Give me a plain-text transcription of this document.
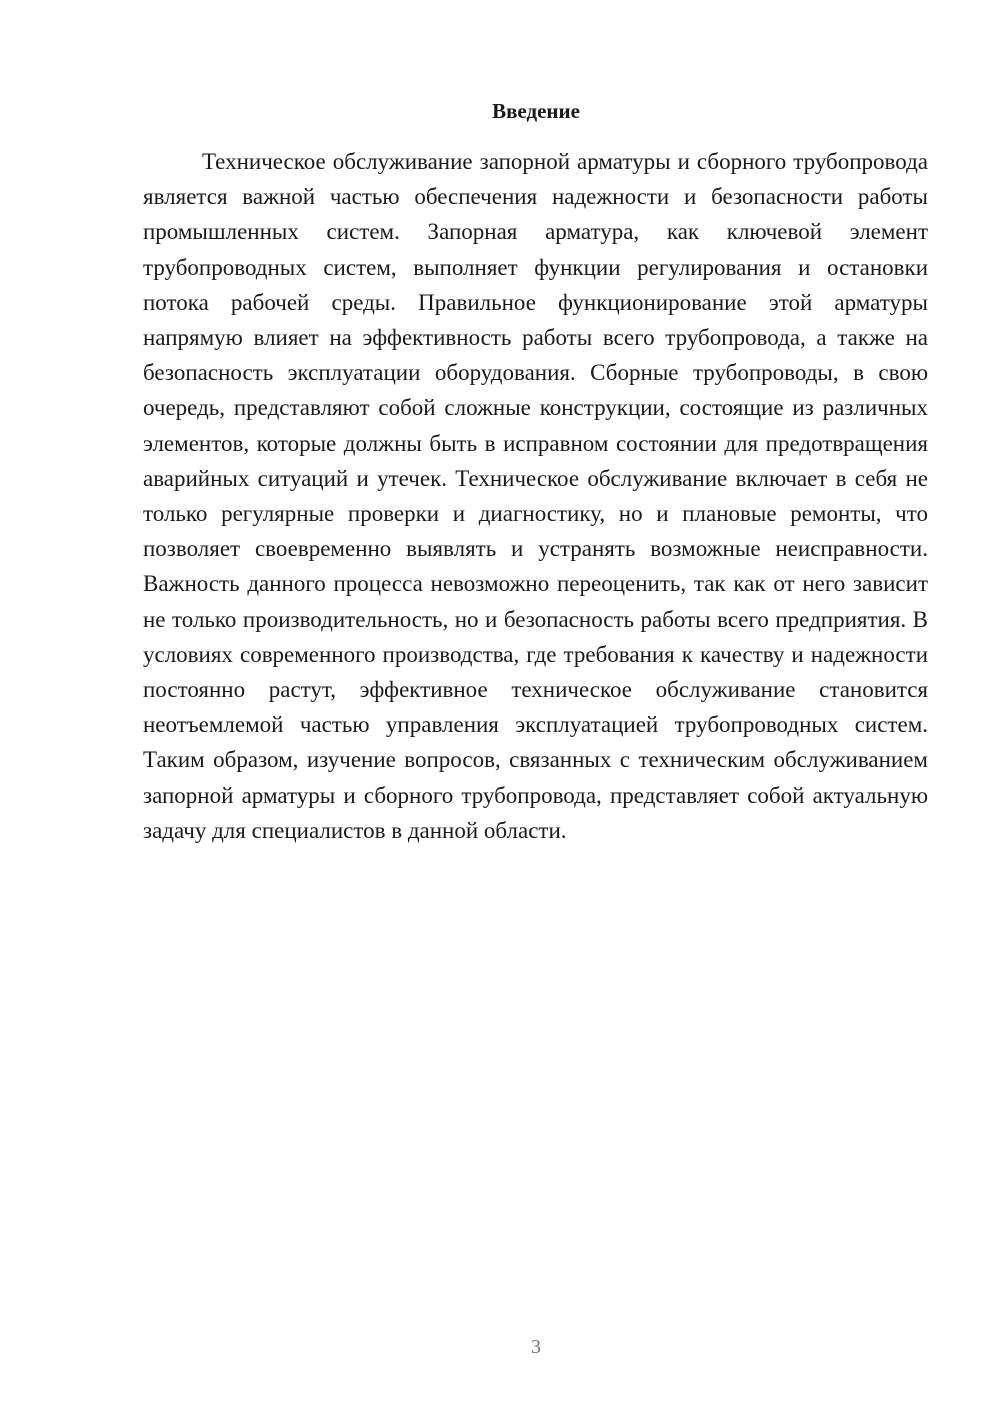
Введение

Техническое обслуживание запорной арматуры и сборного трубопровода является важной частью обеспечения надежности и безопасности работы промышленных систем. Запорная арматура, как ключевой элемент трубопроводных систем, выполняет функции регулирования и остановки потока рабочей среды. Правильное функционирование этой арматуры напрямую влияет на эффективность работы всего трубопровода, а также на безопасность эксплуатации оборудования. Сборные трубопроводы, в свою очередь, представляют собой сложные конструкции, состоящие из различных элементов, которые должны быть в исправном состоянии для предотвращения аварийных ситуаций и утечек. Техническое обслуживание включает в себя не только регулярные проверки и диагностику, но и плановые ремонты, что позволяет своевременно выявлять и устранять возможные неисправности. Важность данного процесса невозможно переоценить, так как от него зависит не только производительность, но и безопасность работы всего предприятия. В условиях современного производства, где требования к качеству и надежности постоянно растут, эффективное техническое обслуживание становится неотъемлемой частью управления эксплуатацией трубопроводных систем. Таким образом, изучение вопросов, связанных с техническим обслуживанием запорной арматуры и сборного трубопровода, представляет собой актуальную задачу для специалистов в данной области.

3
